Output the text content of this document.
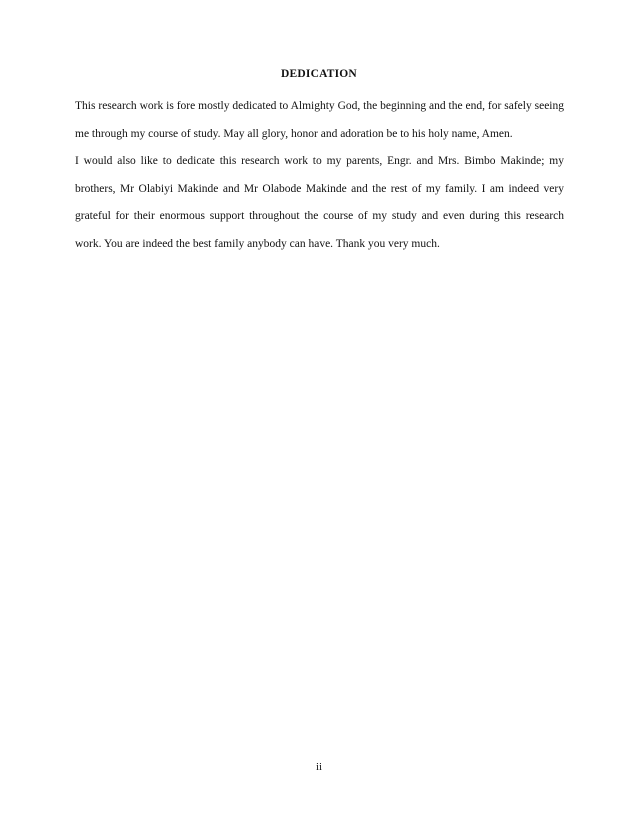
DEDICATION

This research work is fore mostly dedicated to Almighty God, the beginning and the end, for safely seeing me through my course of study. May all glory, honor and adoration be to his holy name, Amen.

I would also like to dedicate this research work to my parents, Engr. and Mrs. Bimbo Makinde; my brothers, Mr Olabiyi Makinde and Mr Olabode Makinde and the rest of my family. I am indeed very grateful for their enormous support throughout the course of my study and even during this research work. You are indeed the best family anybody can have. Thank you very much.

ii
